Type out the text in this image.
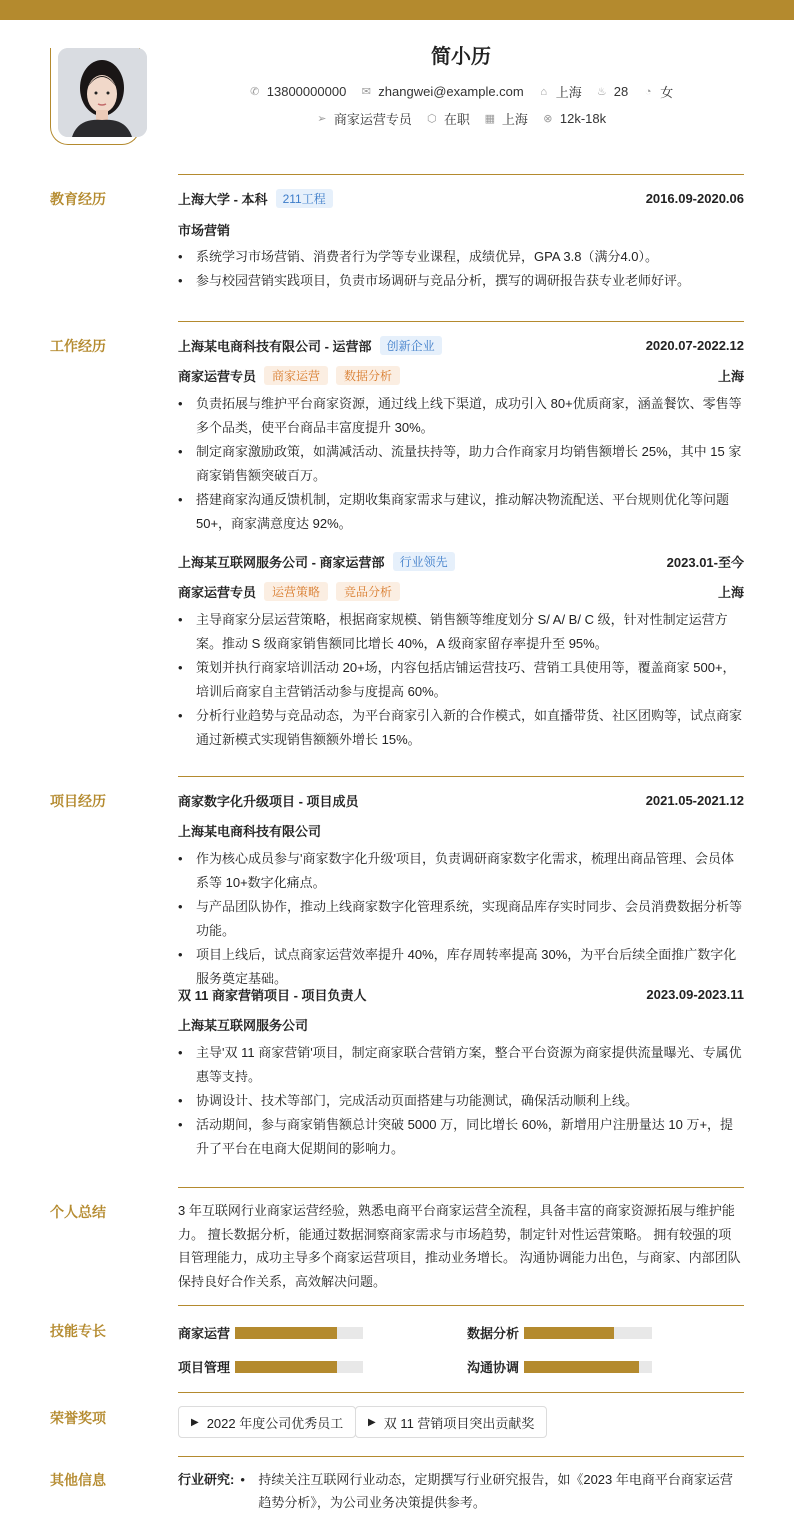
简小历
✆ 13800000000 ✉ zhangwei@example.com ⌂ 上海 ♨ 28 ◔ 女
➢ 商家运营专员 ⬡ 在职 ▦ 上海 ⊗ 12k-18k
教育经历	上海大学 - 本科	211工程	2016.09-2020.06
市场营销
• 系统学习市场营销、消费者行为学等专业课程，成绩优异，GPA 3.8（满分4.0）。
• 参与校园营销实践项目，负责市场调研与竞品分析，撰写的调研报告获专业老师好评。
工作经历	上海某电商科技有限公司 - 运营部	创新企业	2020.07-2022.12
商家运营专员	商家运营	数据分析	上海
• 负责拓展与维护平台商家资源，通过线上线下渠道，成功引入 80+优质商家，涵盖餐饮、零售等多个品类，使平台商品丰富度提升 30%。
• 制定商家激励政策，如满减活动、流量扶持等，助力合作商家月均销售额增长 25%，其中 15 家商家销售额突破百万。
• 搭建商家沟通反馈机制，定期收集商家需求与建议，推动解决物流配送、平台规则优化等问题 50+，商家满意度达 92%。
上海某互联网服务公司 - 商家运营部	行业领先	2023.01-至今
商家运营专员	运营策略	竞品分析	上海
• 主导商家分层运营策略，根据商家规模、销售额等维度划分 S/ A/ B/ C 级，针对性制定运营方案。推动 S 级商家销售额同比增长 40%，A 级商家留存率提升至 95%。
• 策划并执行商家培训活动 20+场，内容包括店铺运营技巧、营销工具使用等，覆盖商家 500+，培训后商家自主营销活动参与度提高 60%。
• 分析行业趋势与竞品动态，为平台商家引入新的合作模式，如直播带货、社区团购等，试点商家通过新模式实现销售额额外增长 15%。
项目经历	商家数字化升级项目 - 项目成员	2021.05-2021.12
上海某电商科技有限公司
• 作为核心成员参与'商家数字化升级'项目，负责调研商家数字化需求，梳理出商品管理、会员体系等 10+数字化痛点。
• 与产品团队协作，推动上线商家数字化管理系统，实现商品库存实时同步、会员消费数据分析等功能。
• 项目上线后，试点商家运营效率提升 40%，库存周转率提高 30%，为平台后续全面推广数字化服务奠定基础。
双 11 商家营销项目 - 项目负责人	2023.09-2023.11
上海某互联网服务公司
• 主导'双 11 商家营销'项目，制定商家联合营销方案，整合平台资源为商家提供流量曝光、专属优惠等支持。
• 协调设计、技术等部门，完成活动页面搭建与功能测试，确保活动顺利上线。
• 活动期间，参与商家销售额总计突破 5000 万，同比增长 60%，新增用户注册量达 10 万+，提升了平台在电商大促期间的影响力。
个人总结	3 年互联网行业商家运营经验，熟悉电商平台商家运营全流程，具备丰富的商家资源拓展与维护能力。 擅长数据分析，能通过数据洞察商家需求与市场趋势，制定针对性运营策略。 拥有较强的项目管理能力，成功主导多个商家运营项目，推动业务增长。 沟通协调能力出色，与商家、内部团队保持良好合作关系，高效解决问题。
技能专长	商家运营	数据分析
项目管理	沟通协调
荣誉奖项	▶ 2022 年度公司优秀员工 ▶ 双 11 营销项目突出贡献奖
其他信息	行业研究:
•	持续关注互联网行业动态，定期撰写行业研究报告，如《2023 年电商平台商家运营趋势分析》，为公司业务决策提供参考。
